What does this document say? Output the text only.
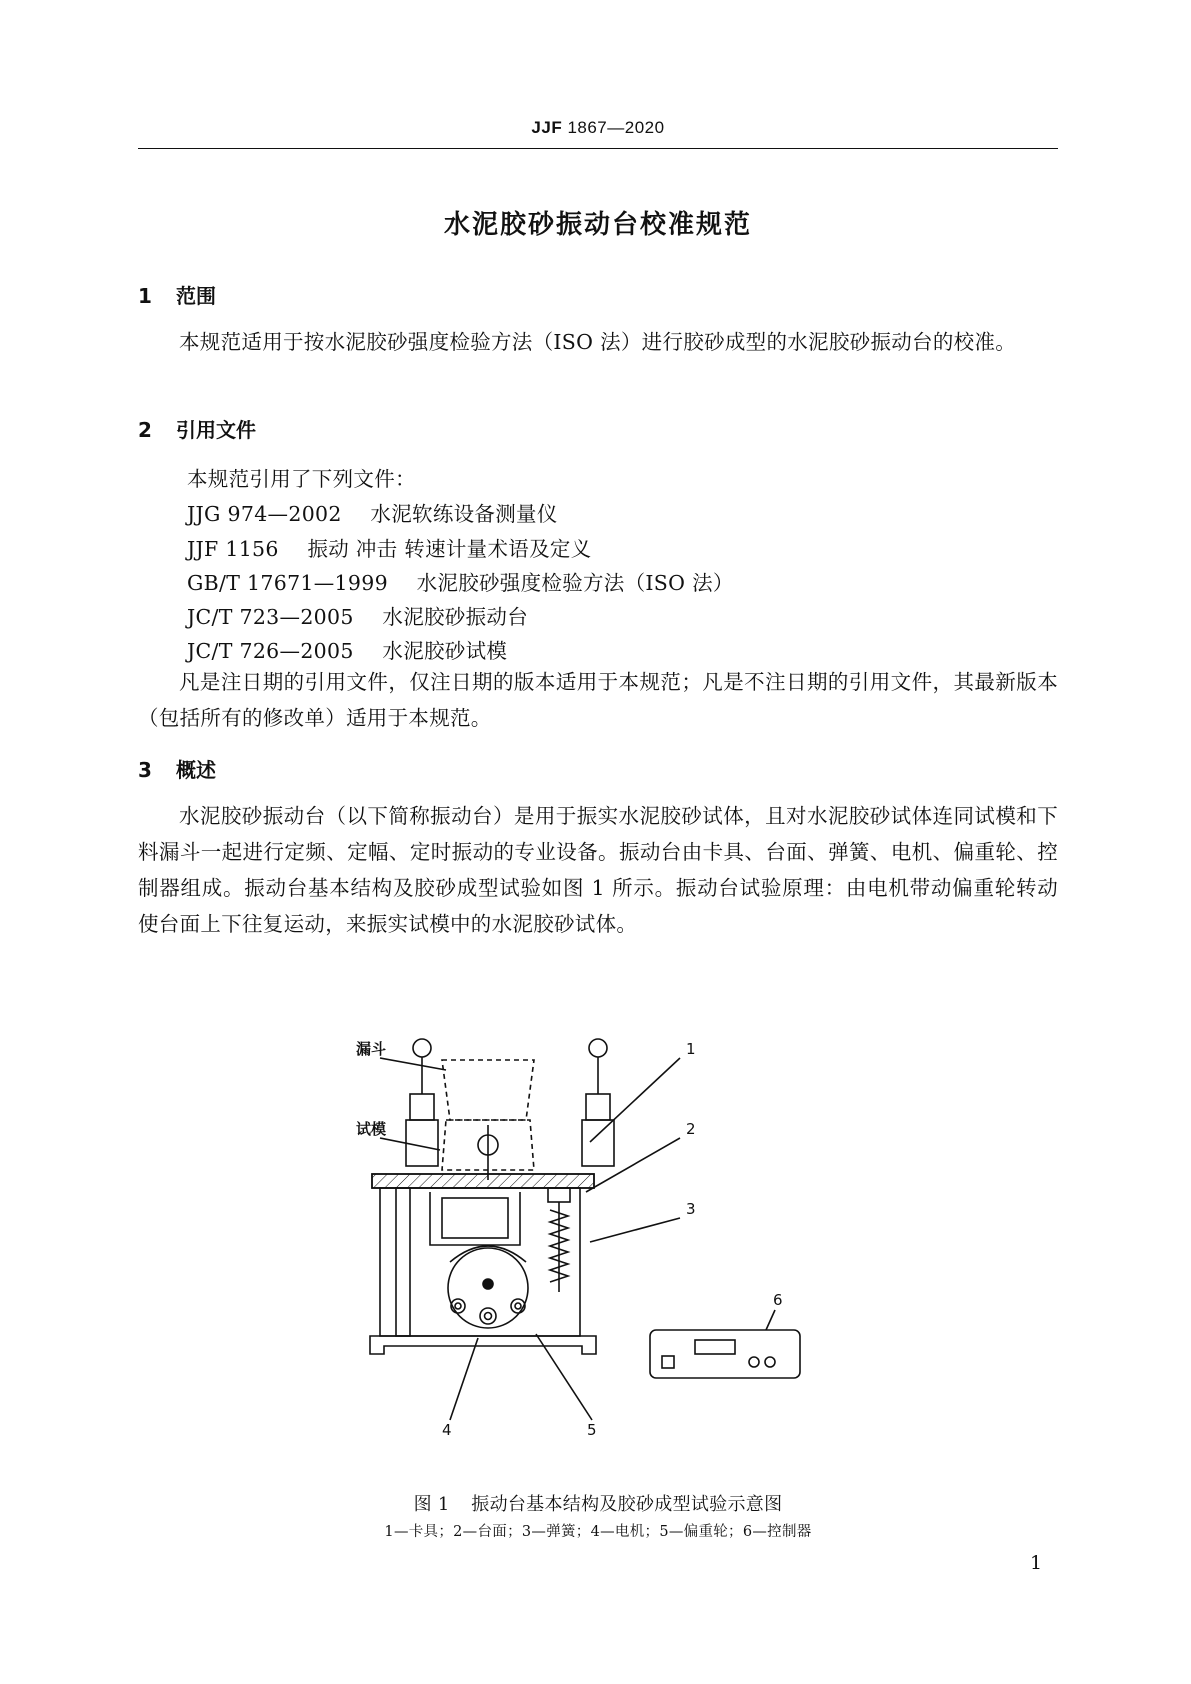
JJF 1867—2020
水泥胶砂振动台校准规范
1 范围
本规范适用于按水泥胶砂强度检验方法（ISO 法）进行胶砂成型的水泥胶砂振动台的校准。
2 引用文件
本规范引用了下列文件：
JJG 974—2002 水泥软练设备测量仪
JJF 1156 振动 冲击 转速计量术语及定义
GB/T 17671—1999 水泥胶砂强度检验方法（ISO 法）
JC/T 723—2005 水泥胶砂振动台
JC/T 726—2005 水泥胶砂试模
凡是注日期的引用文件，仅注日期的版本适用于本规范；凡是不注日期的引用文件，其最新版本（包括所有的修改单）适用于本规范。
3 概述
水泥胶砂振动台（以下简称振动台）是用于振实水泥胶砂试体，且对水泥胶砂试体连同试模和下料漏斗一起进行定频、定幅、定时振动的专业设备。振动台由卡具、台面、弹簧、电机、偏重轮、控制器组成。振动台基本结构及胶砂成型试验如图 1 所示。振动台试验原理：由电机带动偏重轮转动使台面上下往复运动，来振实试模中的水泥胶砂试体。
漏斗
试模
1
2
3
4	5
6
图 1 振动台基本结构及胶砂成型试验示意图
1—卡具；2—台面；3—弹簧；4—电机；5—偏重轮；6—控制器
1
